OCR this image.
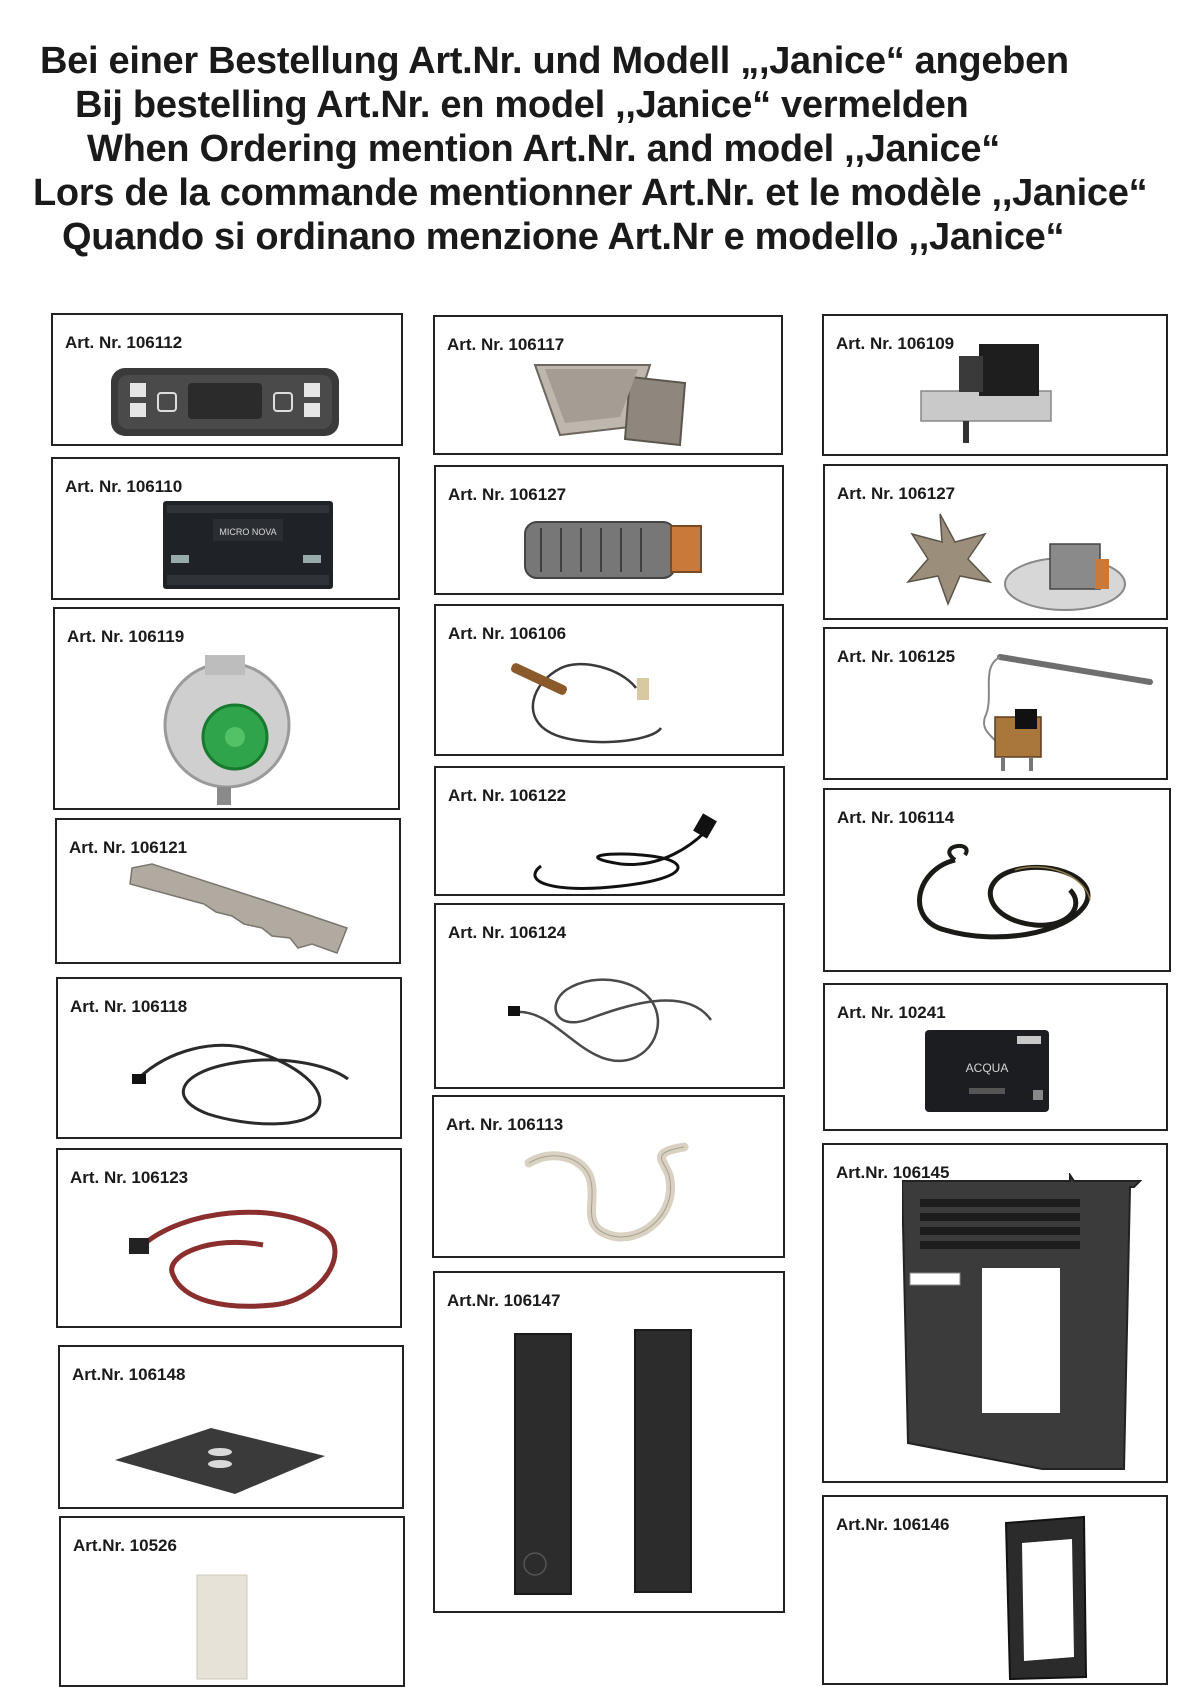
Bei einer Bestellung Art.Nr. und Modell „,Janice“ angeben
Bij bestelling Art.Nr. en model ,,Janice“ vermelden
When Ordering mention Art.Nr. and model ,,Janice“
Lors de la commande mentionner Art.Nr. et le modèle ,,Janice“
Quando si ordinano menzione Art.Nr e modello ,,Janice“
Art. Nr. 106112
Art. Nr. 106110
MICRO NOVA
Art. Nr. 106119
Art. Nr. 106121
Art. Nr. 106118
Art. Nr. 106123
Art.Nr. 106148
Art.Nr. 10526
Art. Nr. 106117
Art. Nr. 106127
Art. Nr. 106106
Art. Nr. 106122
Art. Nr. 106124
Art. Nr. 106113
Art.Nr. 106147
Art. Nr. 106109
Art. Nr. 106127
Art. Nr. 106125
Art. Nr. 106114
Art. Nr. 10241
ACQUA
Art.Nr. 106145
Art.Nr. 106146
